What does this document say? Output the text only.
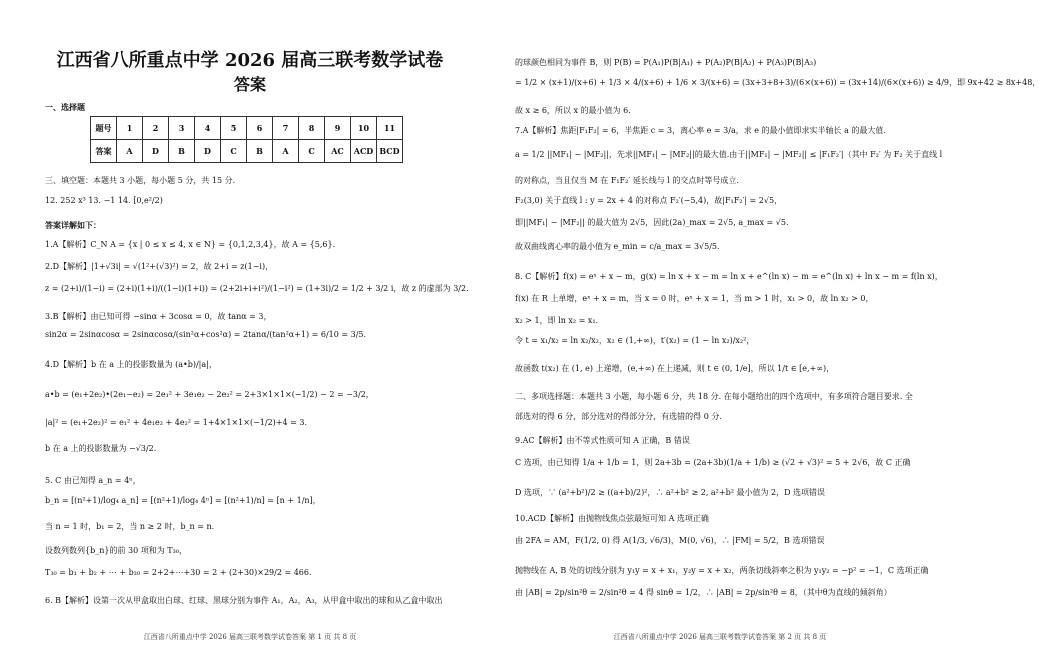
江西省八所重点中学 2026 届高三联考数学试卷
答案
一、选择题
题号	1	2	3	4	5	6	7	8	9	10	11
答案	A	D	B	D	C	B	A	C	AC	ACD	BCD
三、填空题：本题共 3 小题，每小题 5 分，共 15 分.
12. 252 x³ 13. −1 14. [0,e²/2)
答案详解如下：
1.A【解析】C_N A = {x | 0 ≤ x ≤ 4, x ∈ N} = {0,1,2,3,4}，故 A = {5,6}.
2.D【解析】|1+√3i| = √(1²+(√3)²) = 2，故 2+i = z(1−i)，
z = (2+i)/(1−i) = (2+i)(1+i)/((1−i)(1+i)) = (2+2i+i+i²)/(1−i²) = (1+3i)/2 = 1/2 + 3/2 i，故 z 的虚部为 3/2.
3.B【解析】由已知可得 −sinα + 3cosα = 0，故 tanα = 3，
sin2α = 2sinαcosα = 2sinαcosα/(sin²α+cos²α) = 2tanα/(tan²α+1) = 6/10 = 3/5.
4.D【解析】b 在 a 上的投影数量为 (a•b)/|a|，
a•b = (e₁+2e₂)•(2e₁−e₂) = 2e₁² + 3e₁e₂ − 2e₂² = 2+3×1×1×(−1/2) − 2 = −3/2，
|a|² = (e₁+2e₂)² = e₁² + 4e₁e₂ + 4e₂² = 1+4×1×1×(−1/2)+4 = 3.
b 在 a 上的投影数量为 −√3/2.
5. C 由已知得 a_n = 4ⁿ，
b_n = [(n²+1)/log₄ a_n] = [(n²+1)/log₄ 4ⁿ] = [(n²+1)/n] = [n + 1/n]，
当 n = 1 时，b₁ = 2，当 n ≥ 2 时，b_n = n.
设数列数列{b_n}的前 30 项和为 T₃₀，
T₃₀ = b₁ + b₂ + ⋯ + b₃₀ = 2+2+⋯+30 = 2 + (2+30)×29/2 = 466.
6. B【解析】设第一次从甲盒取出白球、红球、黑球分别为事件 A₁，A₂，A₃，从甲盒中取出的球和从乙盒中取出
江西省八所重点中学 2026 届高三联考数学试卷答案 第 1 页 共 8 页
的球颜色相同为事件 B，则 P(B) = P(A₁)P(B|A₁) + P(A₂)P(B|A₂) + P(A₃)P(B|A₃)
= 1/2 × (x+1)/(x+6) + 1/3 × 4/(x+6) + 1/6 × 3/(x+6) = (3x+3+8+3)/(6×(x+6)) = (3x+14)/(6×(x+6)) ≥ 4/9，即 9x+42 ≥ 8x+48，
故 x ≥ 6，所以 x 的最小值为 6.
7.A【解析】焦距|F₁F₂| = 6，半焦距 c = 3，离心率 e = 3/a，求 e 的最小值即求实半轴长 a 的最大值.
a = 1/2 ||MF₁| − |MF₂||，先求||MF₁| − |MF₂||的最大值.由于||MF₁| − |MF₂|| ≤ |F₁F₂′|（其中 F₂′ 为 F₂ 关于直线 l
的对称点，当且仅当 M 在 F₁F₂′ 延长线与 l 的交点时等号成立.
F₂(3,0) 关于直线 l : y = 2x + 4 的对称点 F₂′(−5,4)，故|F₁F₂′| = 2√5，
即||MF₁| − |MF₂|| 的最大值为 2√5，因此(2a)_max = 2√5, a_max = √5.
故双曲线离心率的最小值为 e_min = c/a_max = 3√5/5.
8. C【解析】f(x) = eˣ + x − m，g(x) = ln x + x − m = ln x + e^(ln x) − m = e^(ln x) + ln x − m = f(ln x)，
f(x) 在 R 上单增，eˣ + x = m，当 x = 0 时，eˣ + x = 1，当 m > 1 时，x₁ > 0，故 ln x₂ > 0，
x₂ > 1，即 ln x₂ = x₁.
令 t = x₁/x₂ = ln x₂/x₂，x₂ ∈ (1,+∞)，t′(x₂) = (1 − ln x₂)/x₂²，
故函数 t(x₂) 在 (1, e) 上递增，(e,+∞) 在上递减，则 t ∈ (0, 1/e]，所以 1/t ∈ [e,+∞)，
二、多项选择题：本题共 3 小题，每小题 6 分，共 18 分. 在每小题给出的四个选项中，有多项符合题目要求. 全
部选对的得 6 分，部分选对的得部分分，有选错的得 0 分.
9.AC【解析】由不等式性质可知 A 正确，B 错误
C 选项，由已知得 1/a + 1/b = 1，则 2a+3b = (2a+3b)(1/a + 1/b) ≥ (√2 + √3)² = 5 + 2√6，故 C 正确
D 选项，∵ (a²+b²)/2 ≥ ((a+b)/2)²，∴ a²+b² ≥ 2, a²+b² 最小值为 2，D 选项错误
10.ACD【解析】由抛物线焦点弦最短可知 A 选项正确
由 2FA = AM，F(1/2, 0) 得 A(1/3, √6/3)，M(0, √6)，∴ |FM| = 5/2，B 选项错误
抛物线在 A, B 处的切线分别为 y₁y = x + x₁，y₂y = x + x₂，两条切线斜率之积为 y₁y₂ = −p² = −1，C 选项正确
由 |AB| = 2p/sin²θ = 2/sin²θ = 4 得 sinθ = 1/2，∴ |AB| = 2p/sin²θ = 8，（其中θ为直线的倾斜角）
江西省八所重点中学 2026 届高三联考数学试卷答案 第 2 页 共 8 页
